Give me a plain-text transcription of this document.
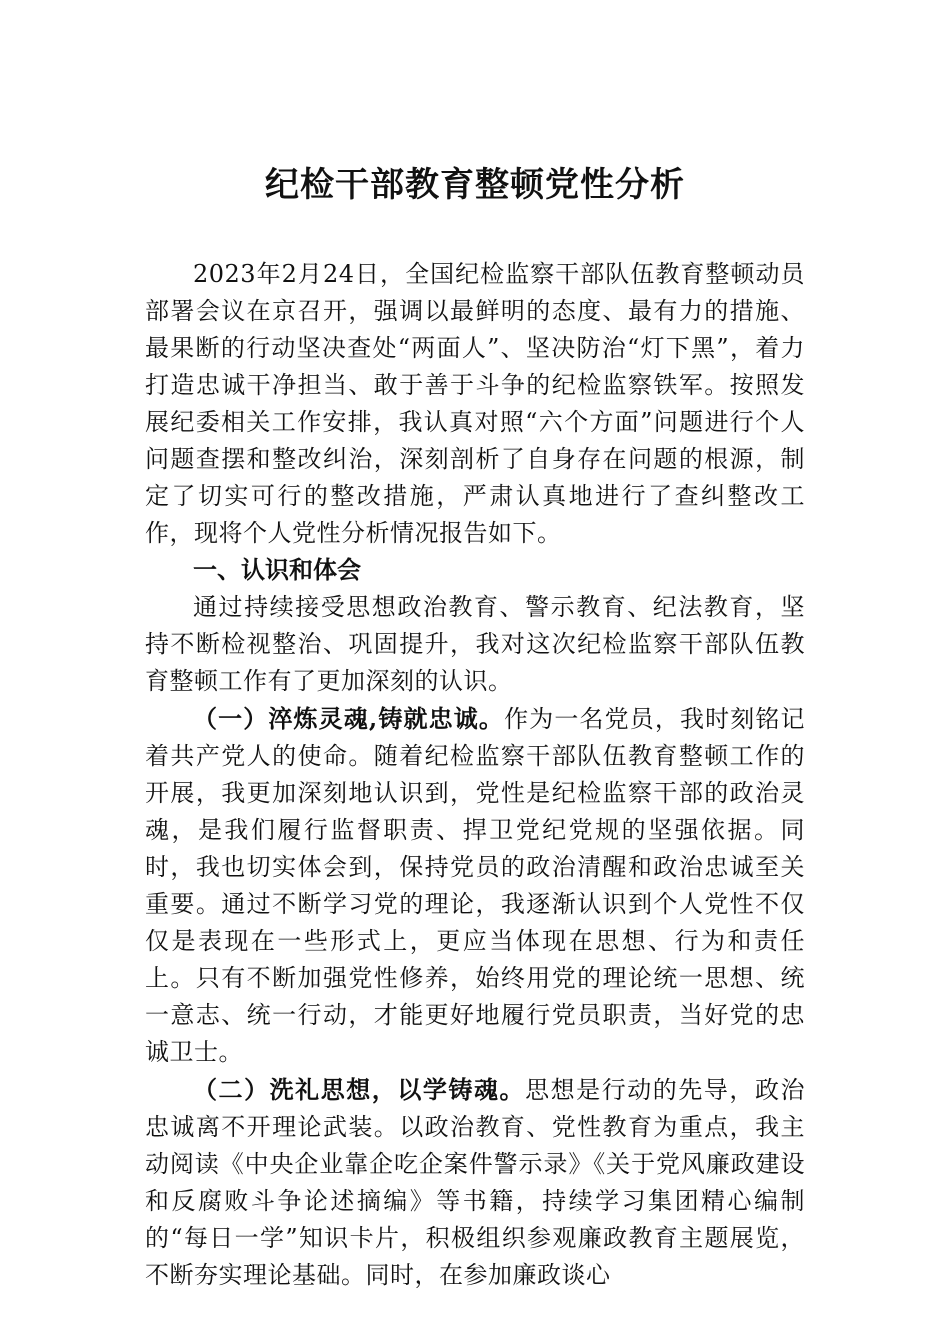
纪检干部教育整顿党性分析

2023年2月24日，全国纪检监察干部队伍教育整顿动员部署会议在京召开，强调以最鲜明的态度、最有力的措施、最果断的行动坚决查处“两面人”、坚决防治“灯下黑”，着力打造忠诚干净担当、敢于善于斗争的纪检监察铁军。按照发展纪委相关工作安排，我认真对照“六个方面”问题进行个人问题查摆和整改纠治，深刻剖析了自身存在问题的根源，制定了切实可行的整改措施，严肃认真地进行了查纠整改工作，现将个人党性分析情况报告如下。

一、认识和体会

通过持续接受思想政治教育、警示教育、纪法教育，坚持不断检视整治、巩固提升，我对这次纪检监察干部队伍教育整顿工作有了更加深刻的认识。

（一）淬炼灵魂,铸就忠诚。作为一名党员，我时刻铭记着共产党人的使命。随着纪检监察干部队伍教育整顿工作的开展，我更加深刻地认识到，党性是纪检监察干部的政治灵魂，是我们履行监督职责、捍卫党纪党规的坚强依据。同时，我也切实体会到，保持党员的政治清醒和政治忠诚至关重要。通过不断学习党的理论，我逐渐认识到个人党性不仅仅是表现在一些形式上，更应当体现在思想、行为和责任上。只有不断加强党性修养，始终用党的理论统一思想、统一意志、统一行动，才能更好地履行党员职责，当好党的忠诚卫士。

（二）洗礼思想，以学铸魂。思想是行动的先导，政治忠诚离不开理论武装。以政治教育、党性教育为重点，我主动阅读《中央企业靠企吃企案件警示录》《关于党风廉政建设和反腐败斗争论述摘编》等书籍，持续学习集团精心编制的“每日一学”知识卡片，积极组织参观廉政教育主题展览，不断夯实理论基础。同时，在参加廉政谈心
